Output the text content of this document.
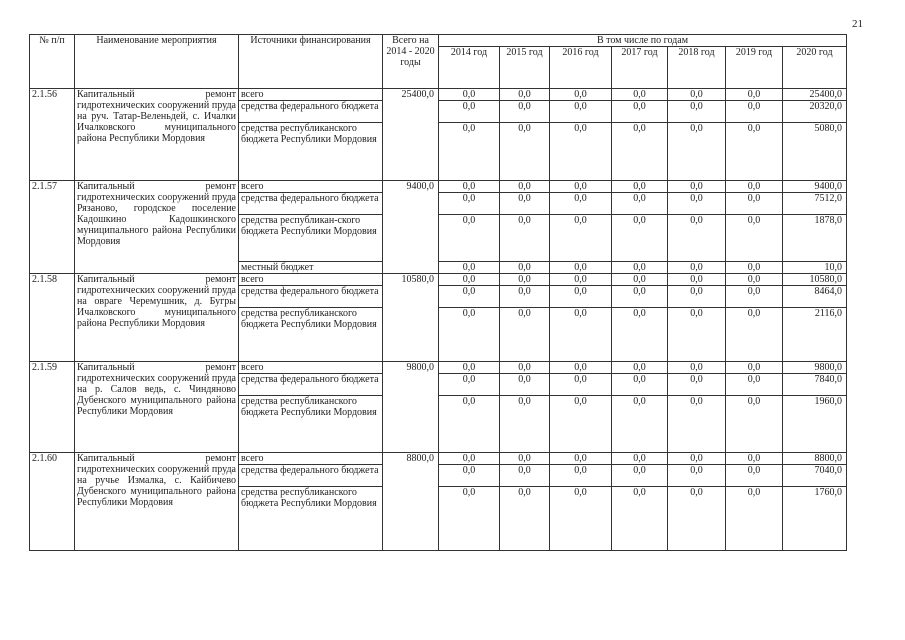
21
№ п/п	Наименование мероприятия	Источники финансирования	Всего на 2014 - 2020 годы	В том числе по годам						
				2014 год	2015 год	2016 год	2017 год	2018 год	2019 год	2020 год
2.1.56	Капитальный ремонт гидротехнических сооружений пруда на руч. Татар-Веленьдей, с. Ичалки Ичалковского муниципального района Республики Мордовия	всего	25400,0	0,0	0,0	0,0	0,0	0,0	0,0	25400,0
		средства федерального бюджета		0,0	0,0	0,0	0,0	0,0	0,0	20320,0
		средства республиканского бюджета Республики Мордовия		0,0	0,0	0,0	0,0	0,0	0,0	5080,0
2.1.57	Капитальный ремонт гидротехнических сооружений пруда Рязаново, городское поселение Кадошкино Кадошкинского муниципального района Республики Мордовия	всего	9400,0	0,0	0,0	0,0	0,0	0,0	0,0	9400,0
		средства федерального бюджета		0,0	0,0	0,0	0,0	0,0	0,0	7512,0
		средства республикан-ского бюджета Республики Мордовия		0,0	0,0	0,0	0,0	0,0	0,0	1878,0
		местный бюджет		0,0	0,0	0,0	0,0	0,0	0,0	10,0
2.1.58	Капитальный ремонт гидротехнических сооружений пруда на овраге Черемушник, д. Бугры Ичалковского муниципального района Республики Мордовия	всего	10580,0	0,0	0,0	0,0	0,0	0,0	0,0	10580,0
		средства федерального бюджета		0,0	0,0	0,0	0,0	0,0	0,0	8464,0
		средства республиканского бюджета Республики Мордовия		0,0	0,0	0,0	0,0	0,0	0,0	2116,0
2.1.59	Капитальный ремонт гидротехнических сооружений пруда на р. Салов ведь, с. Чиндяново Дубенского муниципального района Республики Мордовия	всего	9800,0	0,0	0,0	0,0	0,0	0,0	0,0	9800,0
		средства федерального бюджета		0,0	0,0	0,0	0,0	0,0	0,0	7840,0
		средства республиканского бюджета Республики Мордовия		0,0	0,0	0,0	0,0	0,0	0,0	1960,0
2.1.60	Капитальный ремонт гидротехнических сооружений пруда на ручье Измалка, с. Кайбичево Дубенского муниципального района Республики Мордовия	всего	8800,0	0,0	0,0	0,0	0,0	0,0	0,0	8800,0
		средства федерального бюджета		0,0	0,0	0,0	0,0	0,0	0,0	7040,0
		средства республиканского бюджета Республики Мордовия		0,0	0,0	0,0	0,0	0,0	0,0	1760,0
